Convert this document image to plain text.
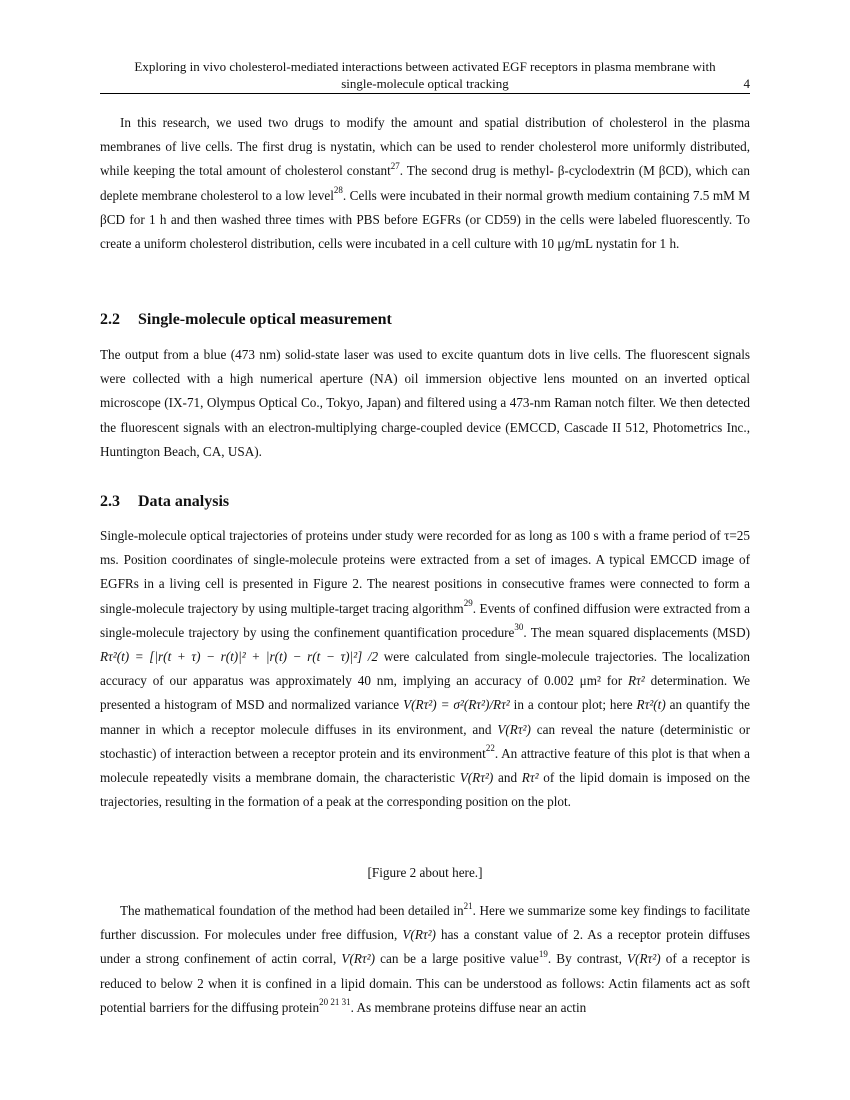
Exploring in vivo cholesterol-mediated interactions between activated EGF receptors in plasma membrane with
single-molecule optical tracking	4

In this research, we used two drugs to modify the amount and spatial distribution of cholesterol in the plasma membranes of live cells. The first drug is nystatin, which can be used to render cholesterol more uniformly distributed, while keeping the total amount of cholesterol constant$^{27}$. The second drug is methyl- β-cyclodextrin (M βCD), which can deplete membrane cholesterol to a low level$^{28}$. Cells were incubated in their normal growth medium containing 7.5 mM M βCD for 1 h and then washed three times with PBS before EGFRs (or CD59) in the cells were labeled fluorescently. To create a uniform cholesterol distribution, cells were incubated in a cell culture with 10 μg/mL nystatin for 1 h.

2.2 Single-molecule optical measurement

The output from a blue (473 nm) solid-state laser was used to excite quantum dots in live cells. The fluorescent signals were collected with a high numerical aperture (NA) oil immersion objective lens mounted on an inverted optical microscope (IX-71, Olympus Optical Co., Tokyo, Japan) and filtered using a 473-nm Raman notch filter. We then detected the fluorescent signals with an electron-multiplying charge-coupled device (EMCCD, Cascade II 512, Photometrics Inc., Huntington Beach, CA, USA).

2.3 Data analysis

Single-molecule optical trajectories of proteins under study were recorded for as long as 100 s with a frame period of τ=25 ms. Position coordinates of single-molecule proteins were extracted from a set of images. A typical EMCCD image of EGFRs in a living cell is presented in Figure 2. The nearest positions in consecutive frames were connected to form a single-molecule trajectory by using multiple-target tracing algorithm$^{29}$. Events of confined diffusion were extracted from a single-molecule trajectory by using the confinement quantification procedure$^{30}$. The mean squared displacements (MSD) Rτ²(t) = [|r(t + τ) − r(t)|² + |r(t) − r(t − τ)|²] /2 were calculated from single-molecule trajectories. The localization accuracy of our apparatus was approximately 40 nm, implying an accuracy of 0.002 μm² for Rτ² determination. We presented a histogram of MSD and normalized variance V(Rτ²) = σ²(Rτ²)/Rτ² in a contour plot; here Rτ²(t) an quantify the manner in which a receptor molecule diffuses in its environment, and V(Rτ²) can reveal the nature (deterministic or stochastic) of interaction between a receptor protein and its environment$^{22}$. An attractive feature of this plot is that when a molecule repeatedly visits a membrane domain, the characteristic V(Rτ²) and Rτ² of the lipid domain is imposed on the trajectories, resulting in the formation of a peak at the corresponding position on the plot.

[Figure 2 about here.]

The mathematical foundation of the method had been detailed $in^{21}$. Here we summarize some key findings to facilitate further discussion. For molecules under free diffusion, V(Rτ²) has a constant value of 2. As a receptor protein diffuses under a strong confinement of actin corral, V(Rτ²) can be a large positive value$^{19}$. By contrast, V(Rτ²) of a receptor is reduced to below 2 when it is confined in a lipid domain. This can be understood as follows: Actin filaments act as soft potential barriers for the diffusing protein$^{20 21 31}$. As membrane proteins diffuse near an actin
